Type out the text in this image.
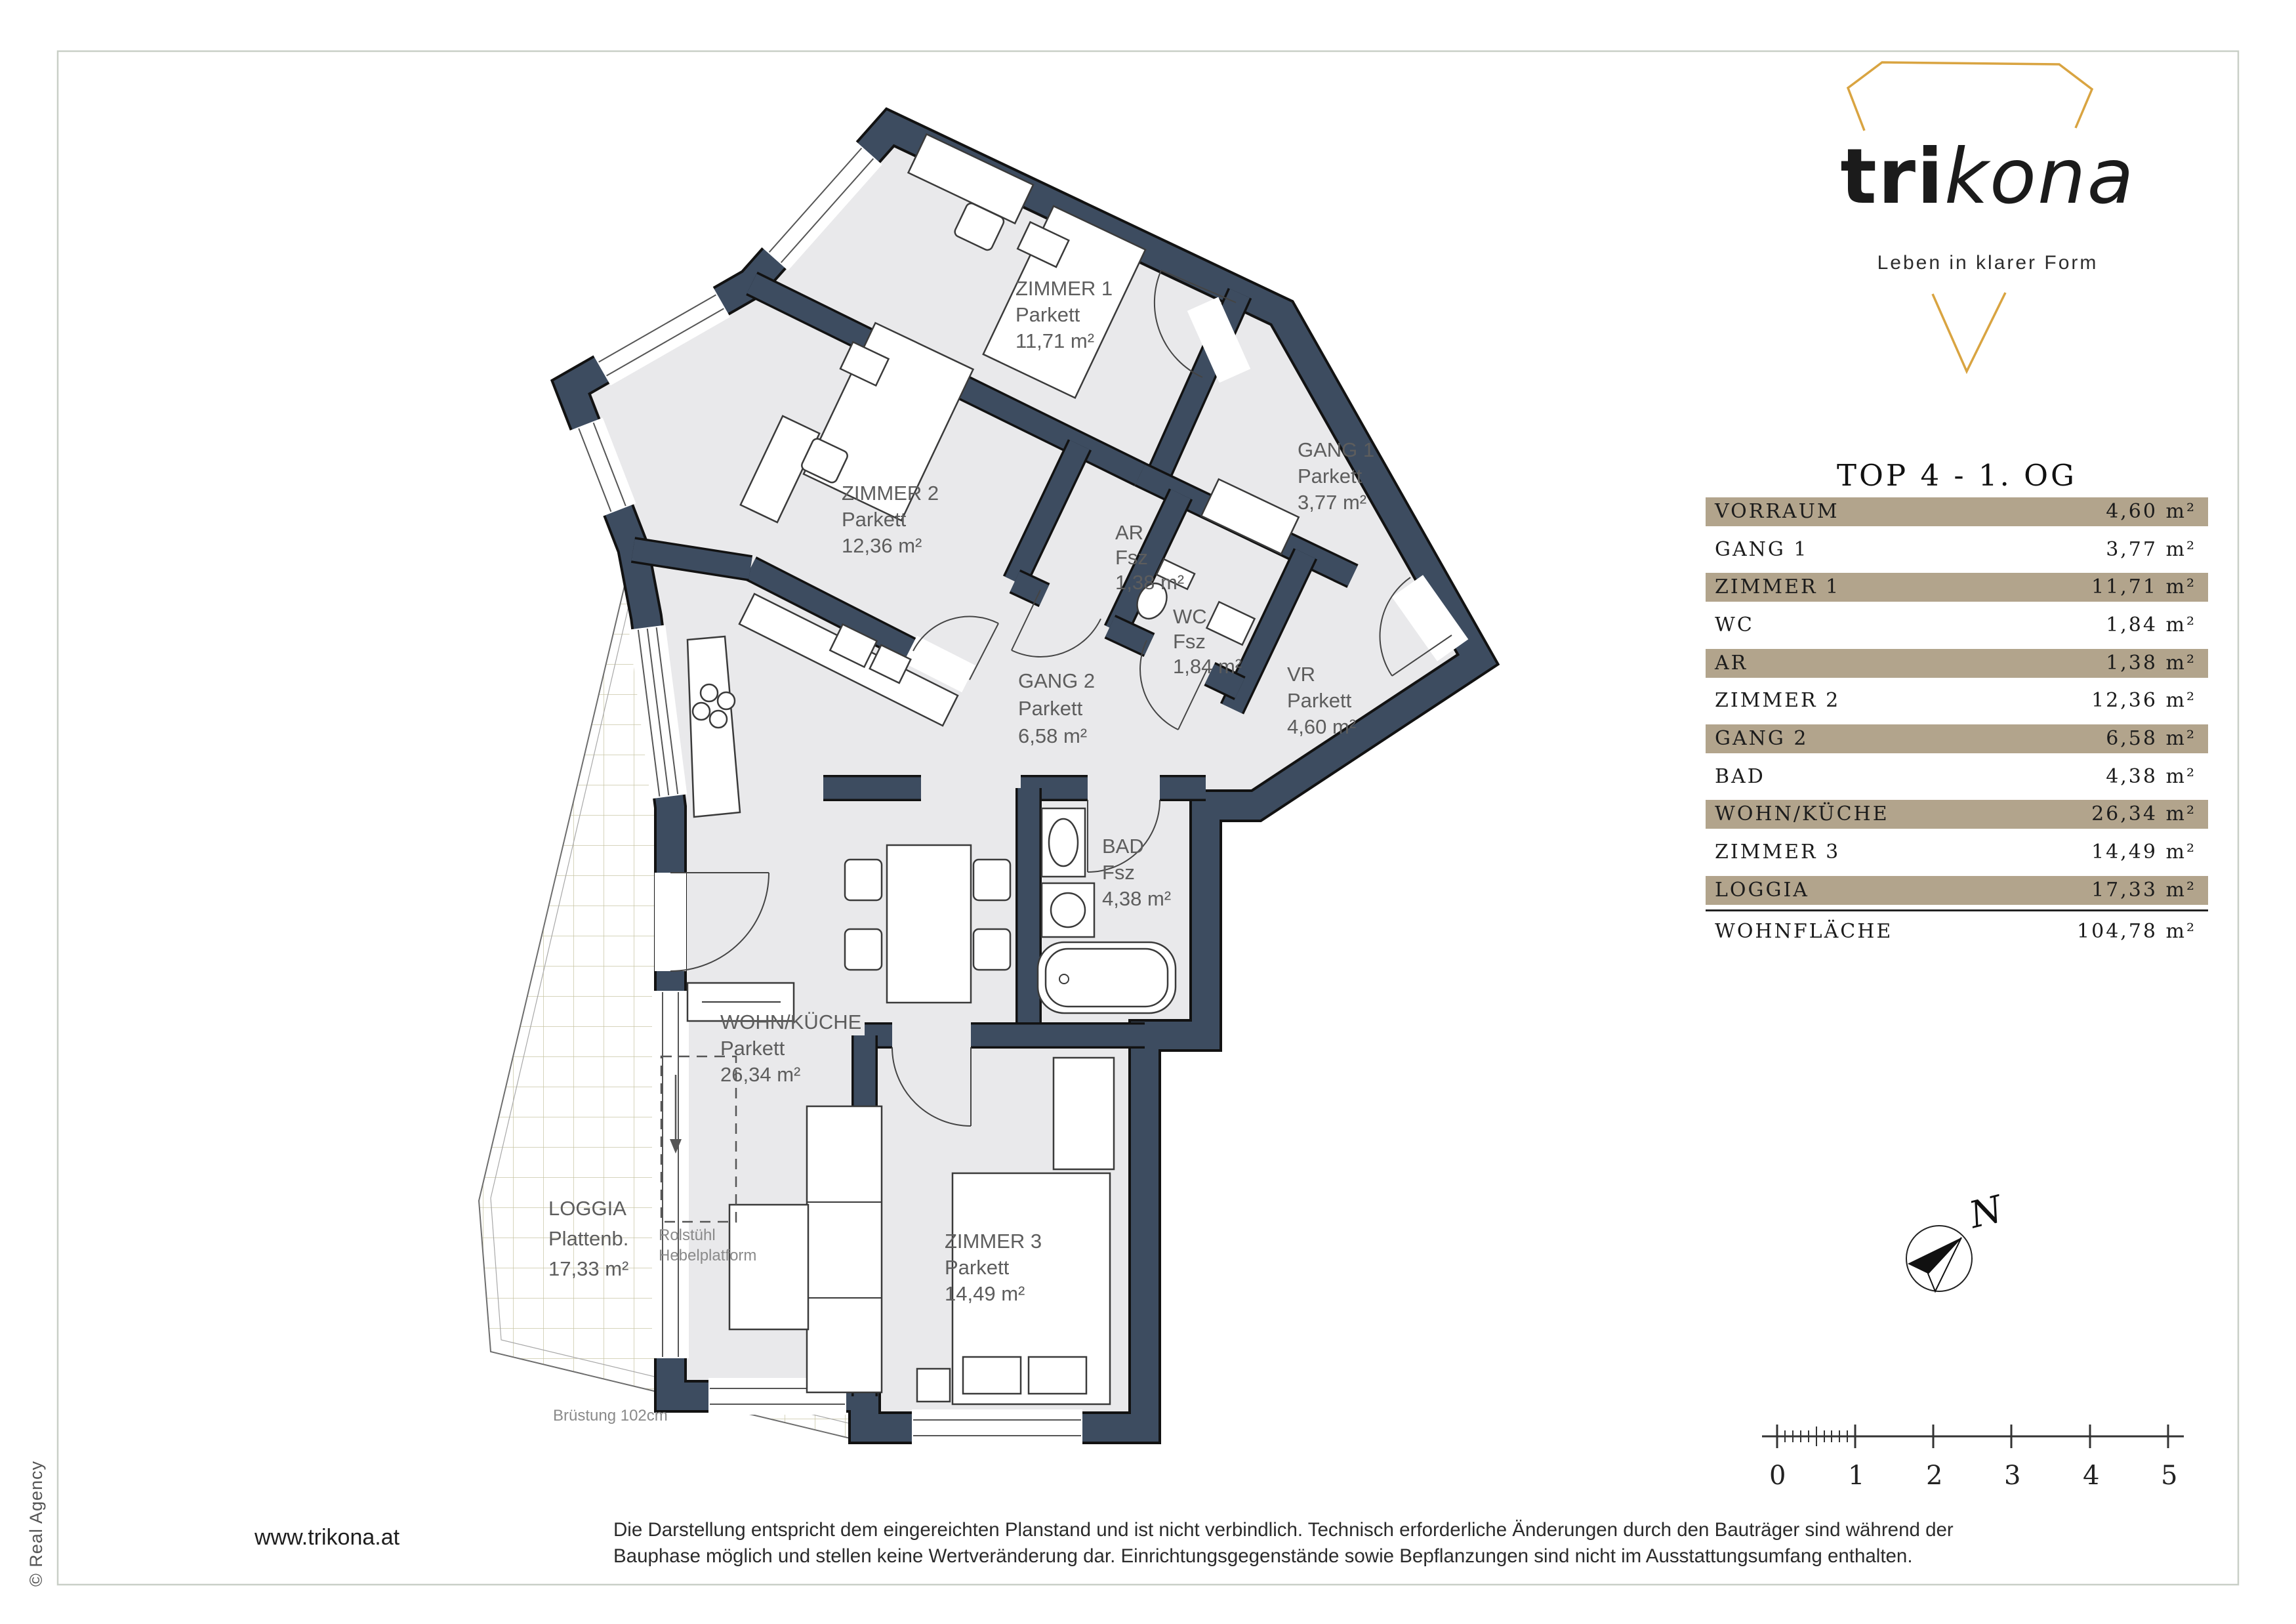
ZIMMER 1
Parkett
11,71 m²
GANG 1
Parkett
3,77 m²
ZIMMER 2
Parkett
12,36 m²
AR
Fsz
1,38 m²
WC
Fsz
1,84 m² VR
Parkett
4,60 m²
GANG 2
Parkett
6,58 m²
BAD
Fsz
4,38 m²
WOHN/KÜCHE
Parkett
26,34 m²
ZIMMER 3
Parkett
14,49 m²
LOGGIA
Plattenb.
17,33 m²
Rolstühl
Hebelplatform
Brüstung 102cm
N
0 1 2 3 4 5
trikona
Leben in klarer Form
TOP 4 - 1. OG
VORRAUM	4,60 m²
GANG 1	3,77 m²
ZIMMER 1	11,71 m²
WC	1,84 m²
AR	1,38 m²
ZIMMER 2	12,36 m²
GANG 2	6,58 m²
BAD	4,38 m²
WOHN/KÜCHE	26,34 m²
ZIMMER 3	14,49 m²
LOGGIA	17,33 m²
WOHNFLÄCHE	104,78 m²
www.trikona.at	Die Darstellung entspricht dem eingereichten Planstand und ist nicht verbindlich. Technisch erforderliche Änderungen durch den Bauträger sind während der
Bauphase möglich und stellen keine Wertveränderung dar. Einrichtungsgegenstände sowie Bepflanzungen sind nicht im Ausstattungsumfang enthalten.
© Real Agency
